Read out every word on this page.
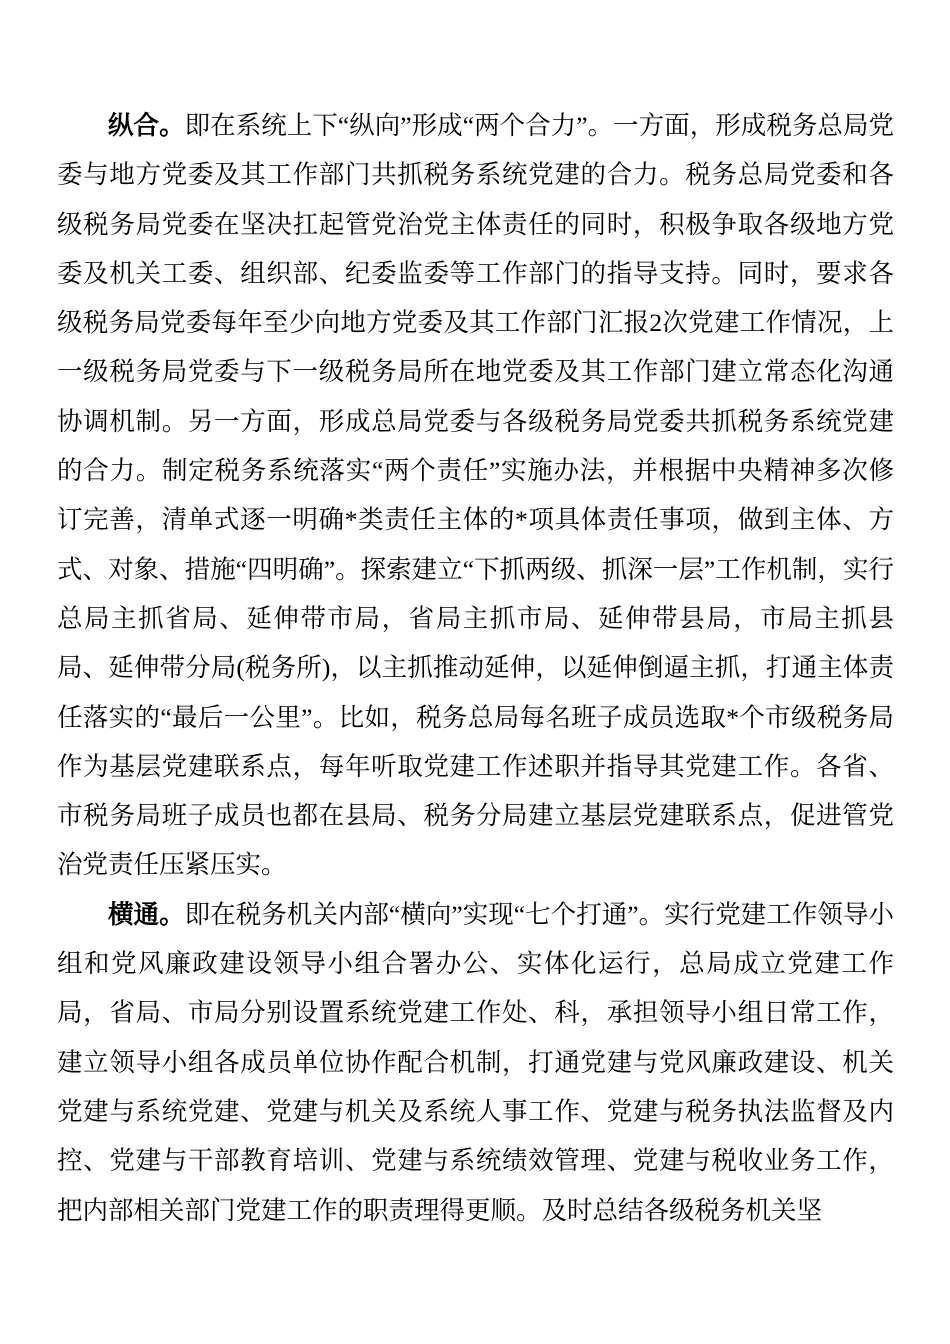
纵合。即在系统上下“纵向”形成“两个合力”。一方面，形成税务总局党委与地方党委及其工作部门共抓税务系统党建的合力。税务总局党委和各级税务局党委在坚决扛起管党治党主体责任的同时，积极争取各级地方党委及机关工委、组织部、纪委监委等工作部门的指导支持。同时，要求各级税务局党委每年至少向地方党委及其工作部门汇报2次党建工作情况，上一级税务局党委与下一级税务局所在地党委及其工作部门建立常态化沟通协调机制。另一方面，形成总局党委与各级税务局党委共抓税务系统党建的合力。制定税务系统落实“两个责任”实施办法，并根据中央精神多次修订完善，清单式逐一明确*类责任主体的*项具体责任事项，做到主体、方式、对象、措施“四明确”。探索建立“下抓两级、抓深一层”工作机制，实行总局主抓省局、延伸带市局，省局主抓市局、延伸带县局，市局主抓县局、延伸带分局(税务所)，以主抓推动延伸，以延伸倒逼主抓，打通主体责任落实的“最后一公里”。比如，税务总局每名班子成员选取*个市级税务局作为基层党建联系点，每年听取党建工作述职并指导其党建工作。各省、市税务局班子成员也都在县局、税务分局建立基层党建联系点，促进管党治党责任压紧压实。

横通。即在税务机关内部“横向”实现“七个打通”。实行党建工作领导小组和党风廉政建设领导小组合署办公、实体化运行，总局成立党建工作局，省局、市局分别设置系统党建工作处、科，承担领导小组日常工作，建立领导小组各成员单位协作配合机制，打通党建与党风廉政建设、机关党建与系统党建、党建与机关及系统人事工作、党建与税务执法监督及内控、党建与干部教育培训、党建与系统绩效管理、党建与税收业务工作，把内部相关部门党建工作的职责理得更顺。及时总结各级税务机关坚
